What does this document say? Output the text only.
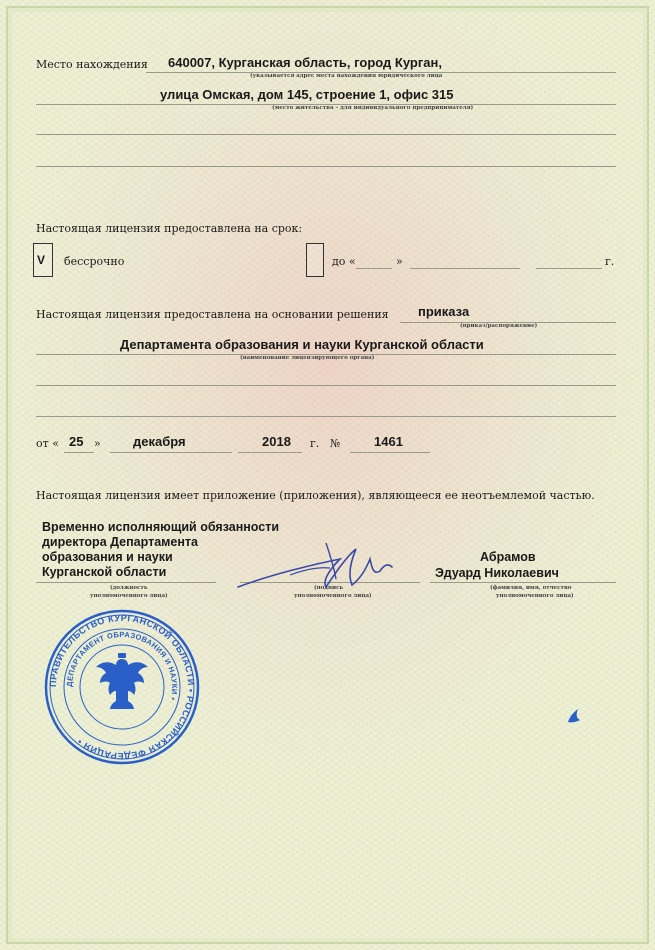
Место нахождения 640007, Курганская область, город Курган,
(указывается адрес места нахождения юридического лица
улица Омская, дом 145, строение 1, офис 315
(место жительства – для индивидуального предпринимателя)
Настоящая лицензия предоставлена на срок:
V бессрочно	до «	»	г.
Настоящая лицензия предоставлена на основании решения приказа
(приказ/распоряжение)
Департамента образования и науки Курганской области
(наименование лицензирующего органа)
от « 25 » декабря	2018 г. №	1461
Настоящая лицензия имеет приложение (приложения), являющееся ее неотъемлемой частью.
Временно исполняющий обязанности
директора Департамента
образования и науки
Курганской области
(должность
уполномоченного лица)
(подпись
уполномоченного лица)
Абрамов
Эдуард Николаевич
(фамилия, имя, отчество
уполномоченного лица)
ПРАВИТЕЛЬСТВО КУРГАНСКОЙ ОБЛАСТИ • РОССИЙСКАЯ ФЕДЕРАЦИЯ •
ДЕПАРТАМЕНТ ОБРАЗОВАНИЯ И НАУКИ •
